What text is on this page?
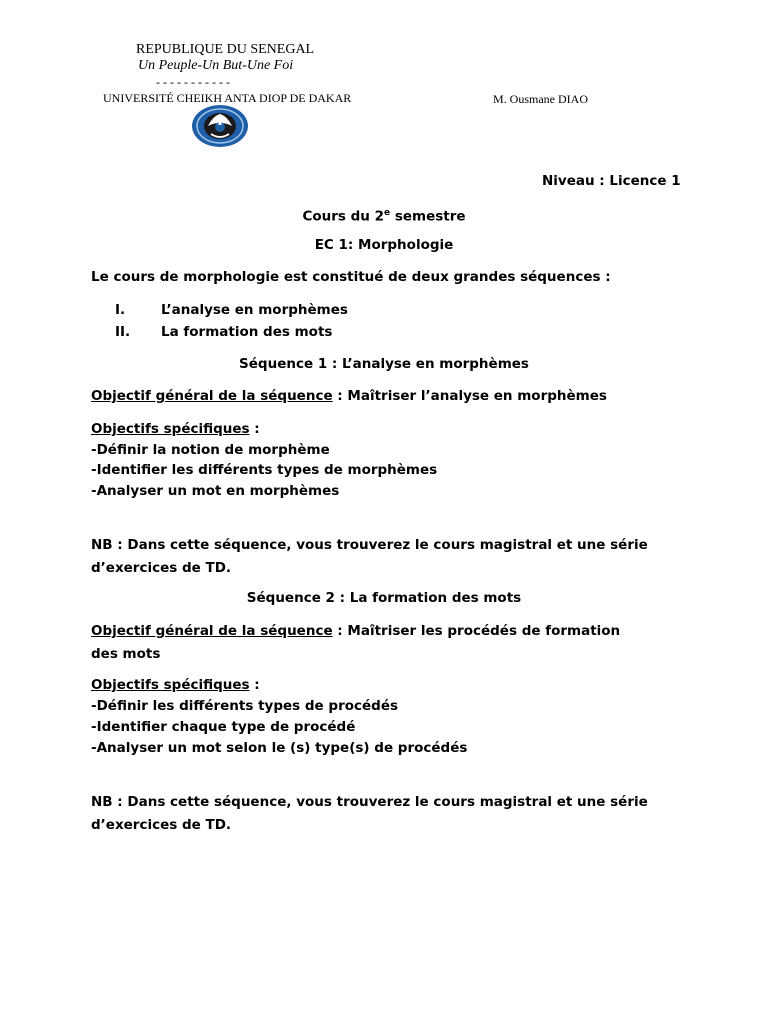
REPUBLIQUE DU SENEGAL
Un Peuple-Un But-Une Foi
- - - - - - - - - - -
UNIVERSITÉ CHEIKH ANTA DIOP DE DAKAR	M. Ousmane DIAO
Niveau : Licence 1
Cours du 2e semestre
EC 1: Morphologie
Le cours de morphologie est constitué de deux grandes séquences :
I.	L’analyse en morphèmes
II. La formation des mots
Séquence 1 : L’analyse en morphèmes
Objectif général de la séquence : Maîtriser l’analyse en morphèmes
Objectifs spécifiques :
-Définir la notion de morphème
-Identifier les différents types de morphèmes
-Analyser un mot en morphèmes
NB : Dans cette séquence, vous trouverez le cours magistral et une série d’exercices de TD.
Séquence 2 : La formation des mots
Objectif général de la séquence : Maîtriser les procédés de formation des mots
Objectifs spécifiques :
-Définir les différents types de procédés
-Identifier chaque type de procédé
-Analyser un mot selon le (s) type(s) de procédés
NB : Dans cette séquence, vous trouverez le cours magistral et une série d’exercices de TD.
